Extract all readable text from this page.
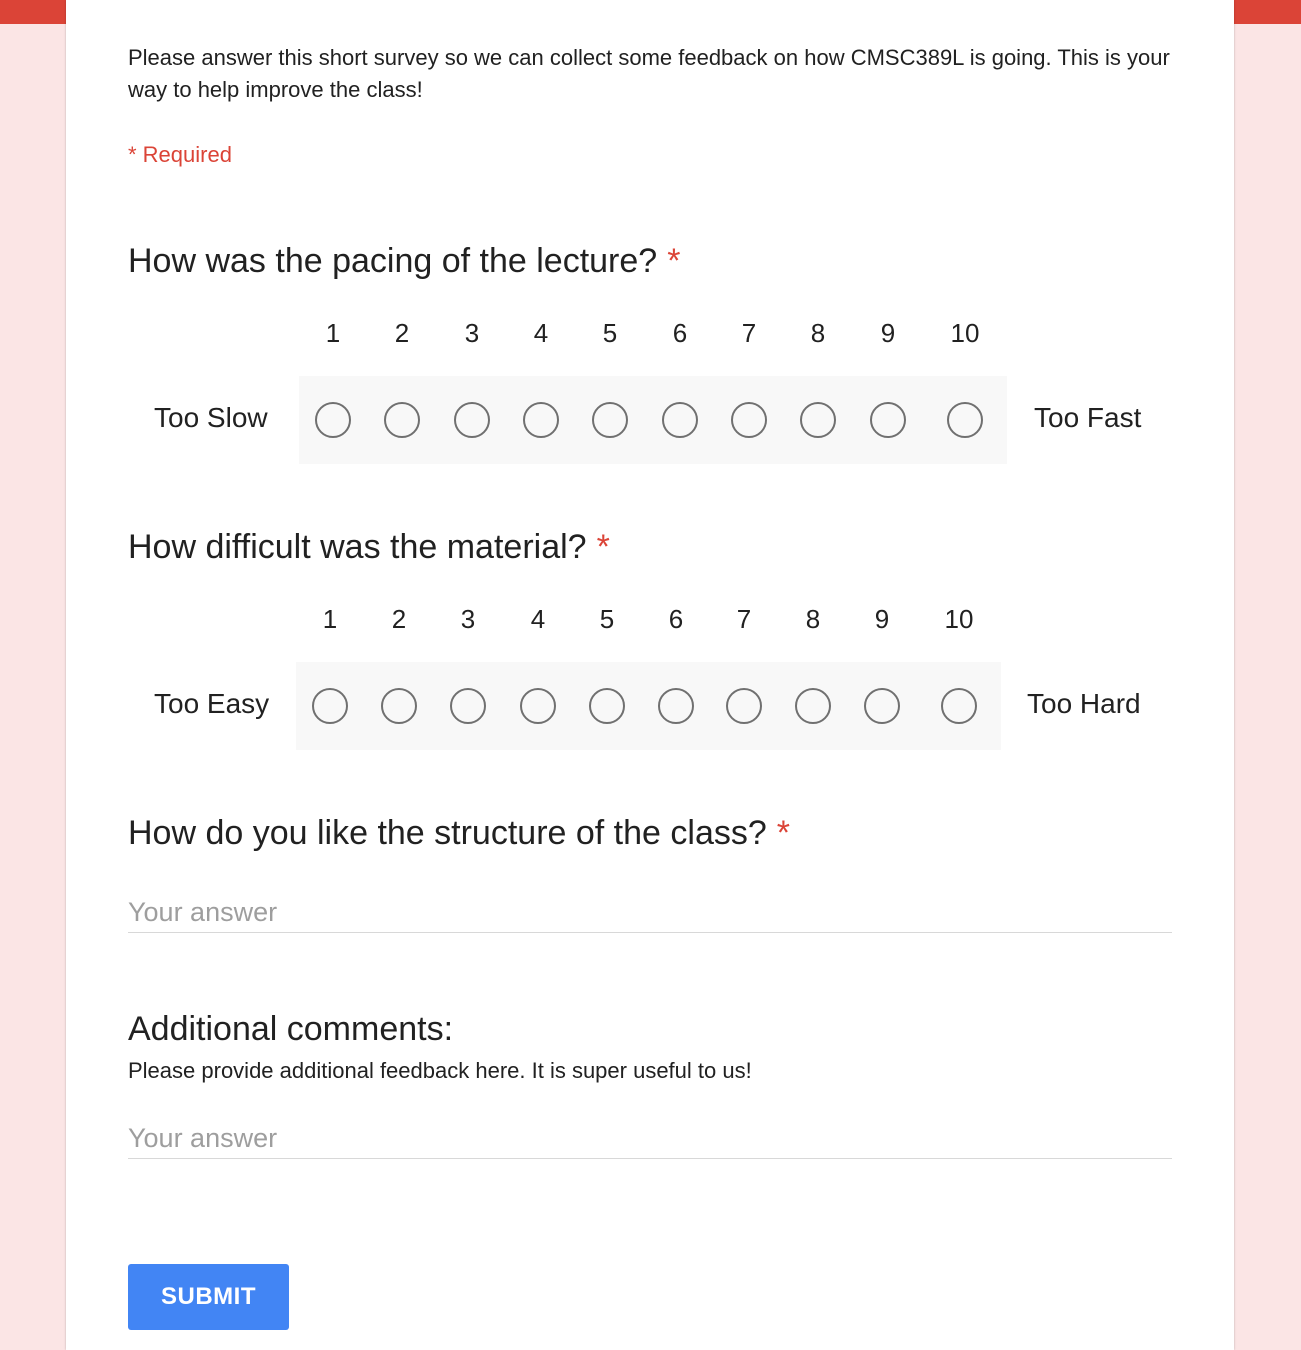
Please answer this short survey so we can collect some feedback on how CMSC389L is going. This is your way to help improve the class!
* Required
How was the pacing of the lecture? *
Too Slow	Too Fast
1	2	3	4	5	6	7	8	9	10
How difficult was the material? *
Too Easy	Too Hard
1	2	3	4	5	6	7	8	9	10
How do you like the structure of the class? *
Your answer
Additional comments:
Please provide additional feedback here. It is super useful to us!
Your answer
SUBMIT
